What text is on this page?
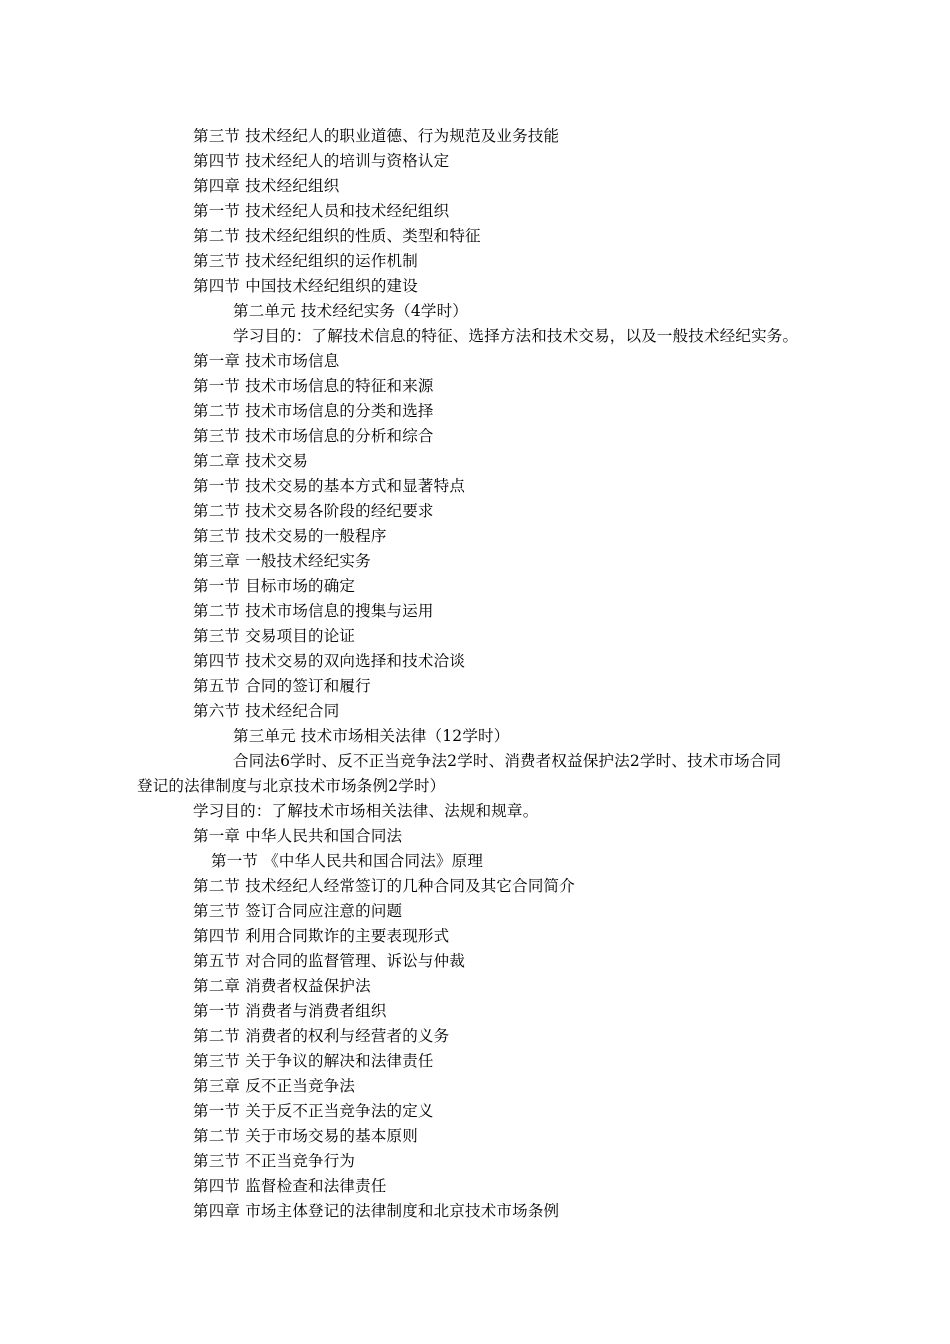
第三节 技术经纪人的职业道德、行为规范及业务技能
第四节 技术经纪人的培训与资格认定
第四章 技术经纪组织
第一节 技术经纪人员和技术经纪组织
第二节 技术经纪组织的性质、类型和特征
第三节 技术经纪组织的运作机制
第四节 中国技术经纪组织的建设
第二单元 技术经纪实务（4学时）
学习目的：了解技术信息的特征、选择方法和技术交易，以及一般技术经纪实务。
第一章 技术市场信息
第一节 技术市场信息的特征和来源
第二节 技术市场信息的分类和选择
第三节 技术市场信息的分析和综合
第二章 技术交易
第一节 技术交易的基本方式和显著特点
第二节 技术交易各阶段的经纪要求
第三节 技术交易的一般程序
第三章 一般技术经纪实务
第一节 目标市场的确定
第二节 技术市场信息的搜集与运用
第三节 交易项目的论证
第四节 技术交易的双向选择和技术洽谈
第五节 合同的签订和履行
第六节 技术经纪合同
第三单元 技术市场相关法律（12学时）
合同法6学时、反不正当竞争法2学时、消费者权益保护法2学时、技术市场合同
登记的法律制度与北京技术市场条例2学时）
学习目的：了解技术市场相关法律、法规和规章。
第一章 中华人民共和国合同法
第一节 《中华人民共和国合同法》原理
第二节 技术经纪人经常签订的几种合同及其它合同简介
第三节 签订合同应注意的问题
第四节 利用合同欺诈的主要表现形式
第五节 对合同的监督管理、诉讼与仲裁
第二章 消费者权益保护法
第一节 消费者与消费者组织
第二节 消费者的权利与经营者的义务
第三节 关于争议的解决和法律责任
第三章 反不正当竞争法
第一节 关于反不正当竞争法的定义
第二节 关于市场交易的基本原则
第三节 不正当竞争行为
第四节 监督检查和法律责任
第四章 市场主体登记的法律制度和北京技术市场条例
